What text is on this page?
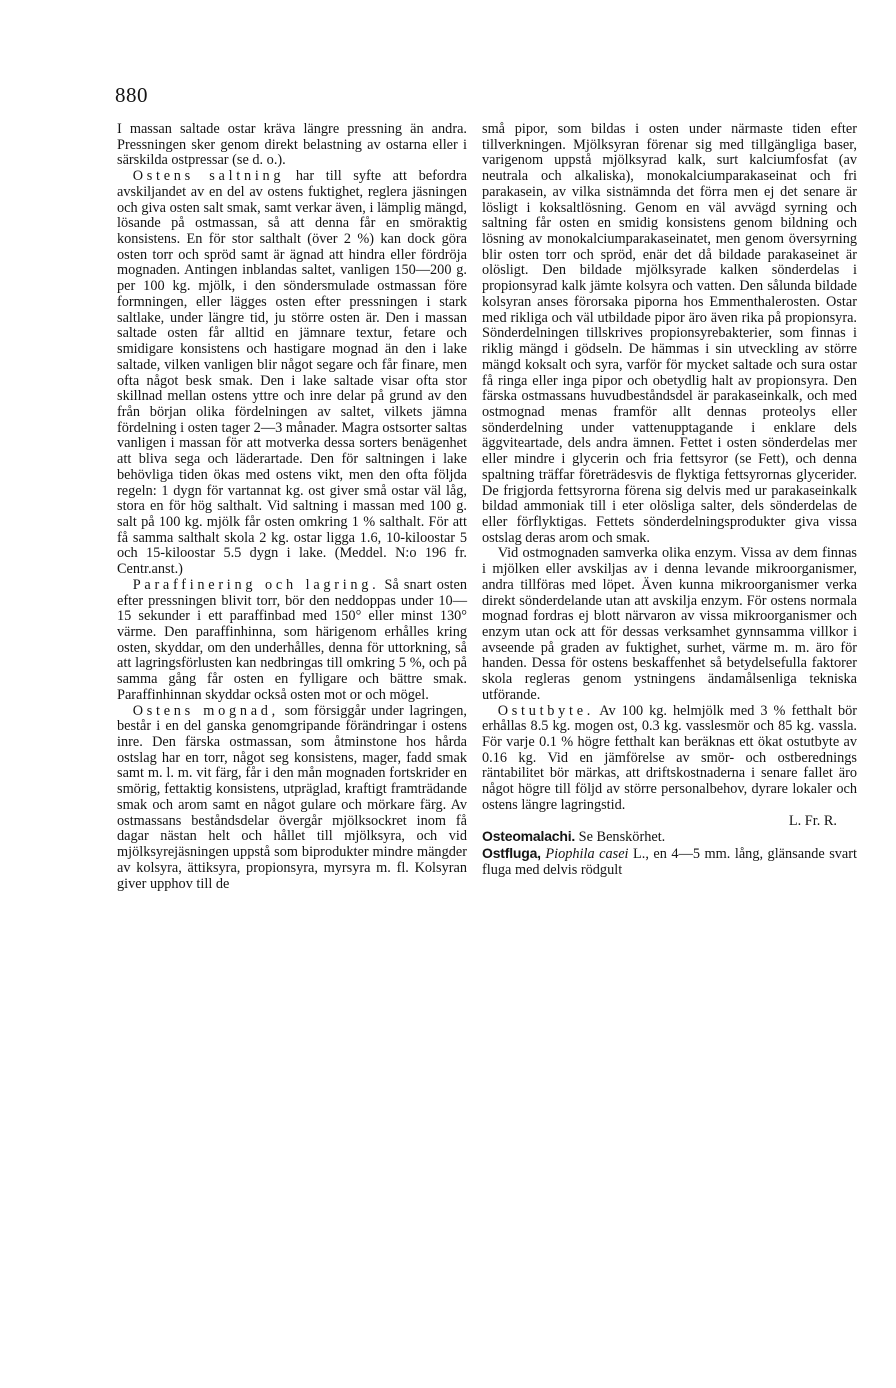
880

I massan saltade ostar kräva längre pressning än andra. Pressningen sker genom direkt belastning av ostarna eller i särskilda ostpressar (se d. o.).

Ostens saltning har till syfte att befordra avskiljandet av en del av ostens fuktighet, reglera jäsningen och giva osten salt smak, samt verkar även, i lämplig mängd, lösande på ostmassan, så att denna får en smöraktig konsistens. En för stor salthalt (över 2 %) kan dock göra osten torr och spröd samt är ägnad att hindra eller fördröja mognaden. Antingen inblandas saltet, vanligen 150—200 g. per 100 kg. mjölk, i den söndersmulade ostmassan före formningen, eller lägges osten efter pressningen i stark saltlake, under längre tid, ju större osten är. Den i massan saltade osten får alltid en jämnare textur, fetare och smidigare konsistens och hastigare mognad än den i lake saltade, vilken vanligen blir något segare och får finare, men ofta något besk smak. Den i lake saltade visar ofta stor skillnad mellan ostens yttre och inre delar på grund av den från början olika fördelningen av saltet, vilkets jämna fördelning i osten tager 2—3 månader. Magra ostsorter saltas vanligen i massan för att motverka dessa sorters benägenhet att bliva sega och läderartade. Den för saltningen i lake behövliga tiden ökas med ostens vikt, men den ofta följda regeln: 1 dygn för vartannat kg. ost giver små ostar väl låg, stora en för hög salthalt. Vid saltning i massan med 100 g. salt på 100 kg. mjölk får osten omkring 1 % salthalt. För att få samma salthalt skola 2 kg. ostar ligga 1.6, 10-kiloostar 5 och 15-kiloostar 5.5 dygn i lake. (Meddel. N:o 196 fr. Centr.anst.)

Paraffinering och lagring. Så snart osten efter pressningen blivit torr, bör den neddoppas under 10—15 sekunder i ett paraffinbad med 150° eller minst 130° värme. Den paraffinhinna, som härigenom erhålles kring osten, skyddar, om den underhålles, denna för uttorkning, så att lagringsförlusten kan nedbringas till omkring 5 %, och på samma gång får osten en fylligare och bättre smak. Paraffinhinnan skyddar också osten mot or och mögel.

Ostens mognad, som försiggår under lagringen, består i en del ganska genomgripande förändringar i ostens inre. Den färska ostmassan, som åtminstone hos hårda ostslag har en torr, något seg konsistens, mager, fadd smak samt m. l. m. vit färg, får i den mån mognaden fortskrider en smörig, fettaktig konsistens, utpräglad, kraftigt framträdande smak och arom samt en något gulare och mörkare färg. Av ostmassans beståndsdelar övergår mjölksockret inom få dagar nästan helt och hållet till mjölksyra, och vid mjölksyrejäsningen uppstå som biprodukter mindre mängder av kolsyra, ättiksyra, propionsyra, myrsyra m. fl. Kolsyran giver upphov till de

små pipor, som bildas i osten under närmaste tiden efter tillverkningen. Mjölksyran förenar sig med tillgängliga baser, varigenom uppstå mjölksyrad kalk, surt kalciumfosfat (av neutrala och alkaliska), monokalciumparakaseinat och fri parakasein, av vilka sistnämnda det förra men ej det senare är lösligt i koksaltlösning. Genom en väl avvägd syrning och saltning får osten en smidig konsistens genom bildning och lösning av monokalciumparakaseinatet, men genom översyrning blir osten torr och spröd, enär det då bildade parakaseinet är olösligt. Den bildade mjölksyrade kalken sönderdelas i propionsyrad kalk jämte kolsyra och vatten. Den sålunda bildade kolsyran anses förorsaka piporna hos Emmenthalerosten. Ostar med rikliga och väl utbildade pipor äro även rika på propionsyra. Sönderdelningen tillskrives propionsyrebakterier, som finnas i riklig mängd i gödseln. De hämmas i sin utveckling av större mängd koksalt och syra, varför för mycket saltade och sura ostar få ringa eller inga pipor och obetydlig halt av propionsyra. Den färska ostmassans huvudbeståndsdel är parakaseinkalk, och med ostmognad menas framför allt dennas proteolys eller sönderdelning under vattenupptagande i enklare dels äggviteartade, dels andra ämnen. Fettet i osten sönderdelas mer eller mindre i glycerin och fria fettsyror (se Fett), och denna spaltning träffar företrädesvis de flyktiga fettsyrornas glycerider. De frigjorda fettsyrorna förena sig delvis med ur parakaseinkalk bildad ammoniak till i eter olösliga salter, dels sönderdelas de eller förflyktigas. Fettets sönderdelningsprodukter giva vissa ostslag deras arom och smak.

Vid ostmognaden samverka olika enzym. Vissa av dem finnas i mjölken eller avskiljas av i denna levande mikroorganismer, andra tillföras med löpet. Även kunna mikroorganismer verka direkt sönderdelande utan att avskilja enzym. För ostens normala mognad fordras ej blott närvaron av vissa mikroorganismer och enzym utan ock att för dessas verksamhet gynnsamma villkor i avseende på graden av fuktighet, surhet, värme m. m. äro för handen. Dessa för ostens beskaffenhet så betydelsefulla faktorer skola regleras genom ystningens ändamålsenliga tekniska utförande.

Ostutbyte. Av 100 kg. helmjölk med 3 % fetthalt bör erhållas 8.5 kg. mogen ost, 0.3 kg. vasslesmör och 85 kg. vassla. För varje 0.1 % högre fetthalt kan beräknas ett ökat ostutbyte av 0.16 kg. Vid en jämförelse av smör- och ostberednings räntabilitet bör märkas, att driftskostnaderna i senare fallet äro något högre till följd av större personalbehov, dyrare lokaler och ostens längre lagringstid.

L. Fr. R.

Osteomalachi. Se Benskörhet.

Ostfluga, Piophila casei L., en 4—5 mm. lång, glänsande svart fluga med delvis rödgult
